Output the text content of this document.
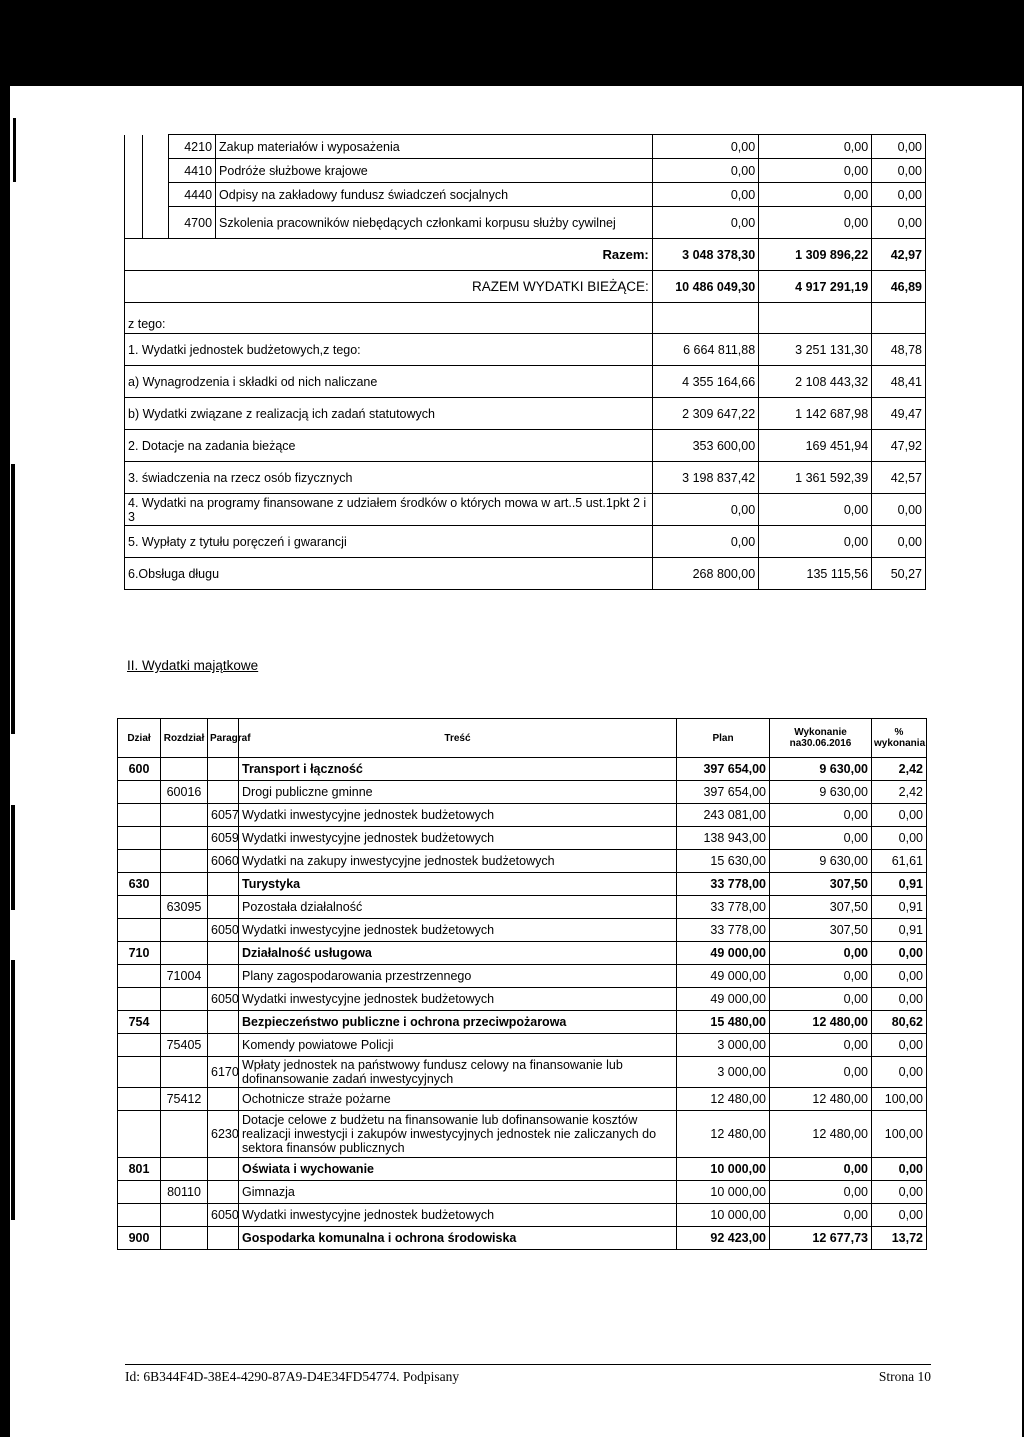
		4210	Zakup materiałów i wyposażenia	0,00	0,00	0,00
		4410	Podróże służbowe krajowe	0,00	0,00	0,00
		4440	Odpisy na zakładowy fundusz świadczeń socjalnych	0,00	0,00	0,00
		4700	Szkolenia pracowników niebędących członkami korpusu służby cywilnej	0,00	0,00	0,00
Razem:				3 048 378,30	1 309 896,22	42,97
RAZEM WYDATKI BIEŻĄCE:				10 486 049,30	4 917 291,19	46,89
z tego:						
1. Wydatki jednostek budżetowych,z tego:				6 664 811,88	3 251 131,30	48,78
a) Wynagrodzenia i składki od nich naliczane				4 355 164,66	2 108 443,32	48,41
b) Wydatki związane z realizacją ich zadań statutowych				2 309 647,22	1 142 687,98	49,47
2. Dotacje na zadania bieżące				353 600,00	169 451,94	47,92
3. świadczenia na rzecz osób fizycznych				3 198 837,42	1 361 592,39	42,57
4. Wydatki na programy finansowane z udziałem środków o których mowa w art..5 ust.1pkt 2 i 3				0,00	0,00	0,00
5. Wypłaty z tytułu poręczeń i gwarancji				0,00	0,00	0,00
6.Obsługa długu				268 800,00	135 115,56	50,27
II. Wydatki majątkowe
Dział	Rozdział	Paragraf	Treść	Plan	Wykonanie na30.06.2016	% wykonania
600			Transport i łączność	397 654,00	9 630,00	2,42
	60016		Drogi publiczne gminne	397 654,00	9 630,00	2,42
		6057	Wydatki inwestycyjne jednostek budżetowych	243 081,00	0,00	0,00
		6059	Wydatki inwestycyjne jednostek budżetowych	138 943,00	0,00	0,00
		6060	Wydatki na zakupy inwestycyjne jednostek budżetowych	15 630,00	9 630,00	61,61
630			Turystyka	33 778,00	307,50	0,91
	63095		Pozostała działalność	33 778,00	307,50	0,91
		6050	Wydatki inwestycyjne jednostek budżetowych	33 778,00	307,50	0,91
710			Działalność usługowa	49 000,00	0,00	0,00
	71004		Plany zagospodarowania przestrzennego	49 000,00	0,00	0,00
		6050	Wydatki inwestycyjne jednostek budżetowych	49 000,00	0,00	0,00
754			Bezpieczeństwo publiczne i ochrona przeciwpożarowa	15 480,00	12 480,00	80,62
	75405		Komendy powiatowe Policji	3 000,00	0,00	0,00
		6170	Wpłaty jednostek na państwowy fundusz celowy na finansowanie lub dofinansowanie zadań inwestycyjnych	3 000,00	0,00	0,00
	75412		Ochotnicze straże pożarne	12 480,00	12 480,00	100,00
		6230	Dotacje celowe z budżetu na finansowanie lub dofinansowanie kosztów realizacji inwestycji i zakupów inwestycyjnych jednostek nie zaliczanych do sektora finansów publicznych	12 480,00	12 480,00	100,00
801			Oświata i wychowanie	10 000,00	0,00	0,00
	80110		Gimnazja	10 000,00	0,00	0,00
		6050	Wydatki inwestycyjne jednostek budżetowych	10 000,00	0,00	0,00
900			Gospodarka komunalna i ochrona środowiska	92 423,00	12 677,73	13,72
Id: 6B344F4D-38E4-4290-87A9-D4E34FD54774. Podpisany	Strona 10
